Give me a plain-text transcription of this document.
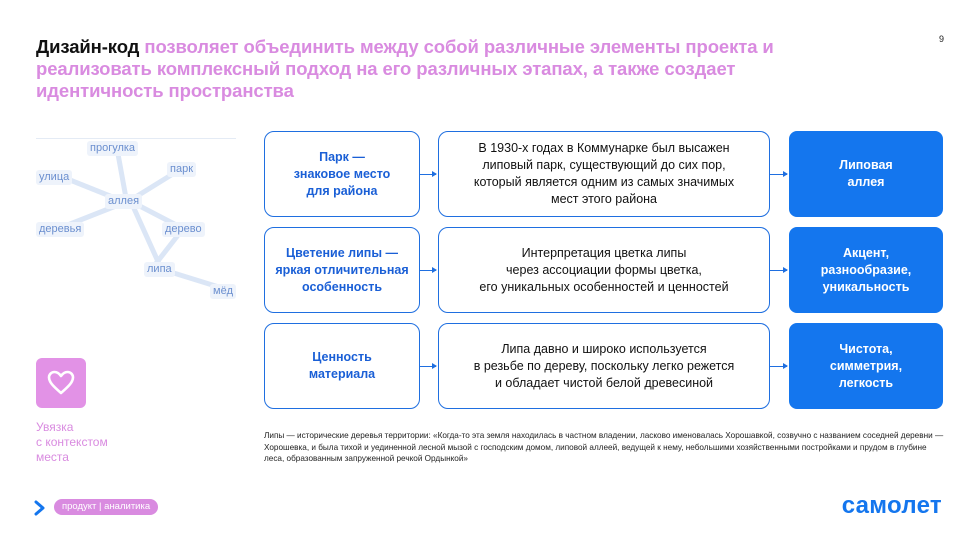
9
Дизайн-код позволяет объединить между собой различные элементы проекта и реализовать комплексный подход на его различных этапах, а также создает идентичность пространства
прогулка
парк
улица
аллея
деревья	дерево
липа
мёд
Увязка
с контекстом
места
Парк —
знаковое место
для района
В 1930-х годах в Коммунарке был высажен
липовый парк, существующий до сих пор,
который является одним из самых значимых
мест этого района
Липовая
аллея
Цветение липы —
яркая отличительная
особенность
Интерпретация цветка липы
через ассоциации формы цветка,
его уникальных особенностей и ценностей
Акцент,
разнообразие,
уникальность
Ценность
материала
Липа давно и широко используется
в резьбе по дереву, поскольку легко режется
и обладает чистой белой древесиной
Чистота,
симметрия,
легкость
Липы — исторические деревья территории: «Когда-то эта земля находилась в частном владении, ласково именовалась Хорошавкой, созвучно с названием соседней деревни — Хорошевка, и была тихой и уединенной лесной мызой с господским домом, липовой аллеей, ведущей к нему, небольшими хозяйственными постройками и прудом в глубине леса, образованным запруженной речкой Ордынкой»
продукт | аналитика	самолет
